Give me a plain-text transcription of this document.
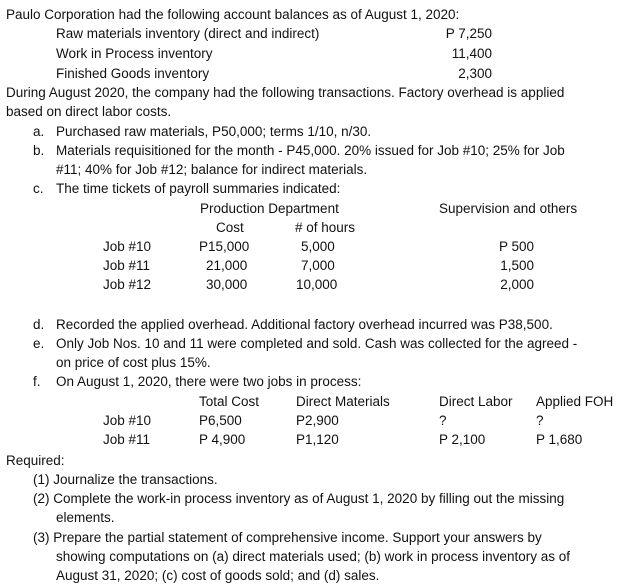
Paulo Corporation had the following account balances as of August 1, 2020:
Raw materials inventory (direct and indirect)	P 7,250
Work in Process inventory	11,400
Finished Goods inventory	2,300
During August 2020, the company had the following transactions. Factory overhead is applied
based on direct labor costs.
a. Purchased raw materials, P50,000; terms 1/10, n/30.
b. Materials requisitioned for the month - P45,000. 20% issued for Job #10; 25% for Job
#11; 40% for Job #12; balance for indirect materials.
c. The time tickets of payroll summaries indicated:
Production Department	Supervision and others
Cost	# of hours
Job #10	P15,000	5,000	P 500
Job #11	21,000	7,000	1,500
Job #12	30,000	10,000	2,000
d. Recorded the applied overhead. Additional factory overhead incurred was P38,500.
e. Only Job Nos. 10 and 11 were completed and sold. Cash was collected for the agreed -
on price of cost plus 15%.
f. On August 1, 2020, there were two jobs in process:
Total Cost	Direct Materials	Direct Labor Applied FOH
Job #10	P6,500	P2,900	?	?
Job #11	P 4,900	P1,120	P 2,100	P 1,680
Required:
(1) Journalize the transactions.
(2) Complete the work-in process inventory as of August 1, 2020 by filling out the missing
elements.
(3) Prepare the partial statement of comprehensive income. Support your answers by
showing computations on (a) direct materials used; (b) work in process inventory as of
August 31, 2020; (c) cost of goods sold; and (d) sales.
